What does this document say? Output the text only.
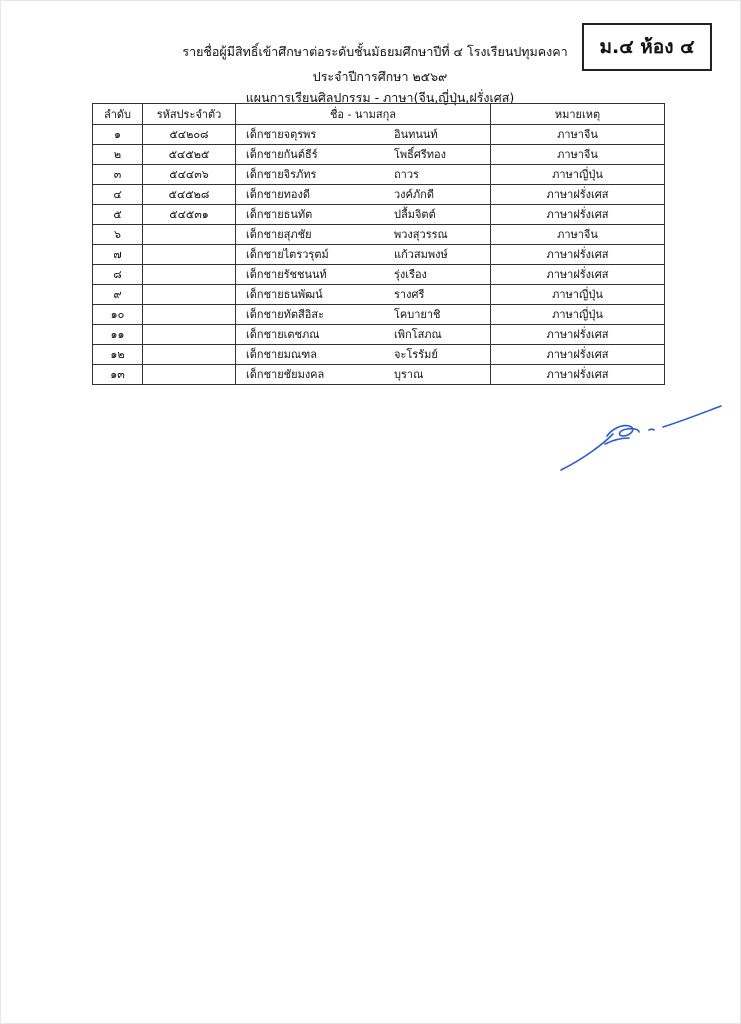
ม.๔ ห้อง ๔
รายชื่อผู้มีสิทธิ์เข้าศึกษาต่อระดับชั้นมัธยมศึกษาปีที่ ๔ โรงเรียนปทุมคงคา
ประจำปีการศึกษา ๒๕๖๙
แผนการเรียนศิลปกรรม - ภาษา(จีน,ญี่ปุ่น,ฝรั่งเศส)
ลำดับ	รหัสประจำตัว	ชื่อ - นามสกุล	หมายเหตุ
๑	๕๔๒๐๘	เด็กชายจตุรพร อินทนนท์	ภาษาจีน
๒	๕๔๕๒๕	เด็กชายกันต์ธีร์ โพธิ์ศรีทอง	ภาษาจีน
๓	๕๔๔๓๖	เด็กชายจิรภัทร ถาวร	ภาษาญี่ปุ่น
๔	๕๔๕๒๘	เด็กชายทองดี วงค์ภักดี	ภาษาฝรั่งเศส
๕	๕๔๕๓๑	เด็กชายธนทัต ปลื้มจิตต์	ภาษาฝรั่งเศส
๖		เด็กชายสุภชัย พวงสุวรรณ	ภาษาจีน
๗		เด็กชายไตรวรุตม์ แก้วสมพงษ์	ภาษาฝรั่งเศส
๘		เด็กชายรัชชนนท์ รุ่งเรือง	ภาษาฝรั่งเศส
๙		เด็กชายธนพัฒน์ รางศรี	ภาษาญี่ปุ่น
๑๐		เด็กชายทัตสีอิสะ โคบายาชิ	ภาษาญี่ปุ่น
๑๑		เด็กชายเตชภณ เพิกโสภณ	ภาษาฝรั่งเศส
๑๒		เด็กชายมณฑล จะโรรัมย์	ภาษาฝรั่งเศส
๑๓		เด็กชายชัยมงคล บุราณ	ภาษาฝรั่งเศส
